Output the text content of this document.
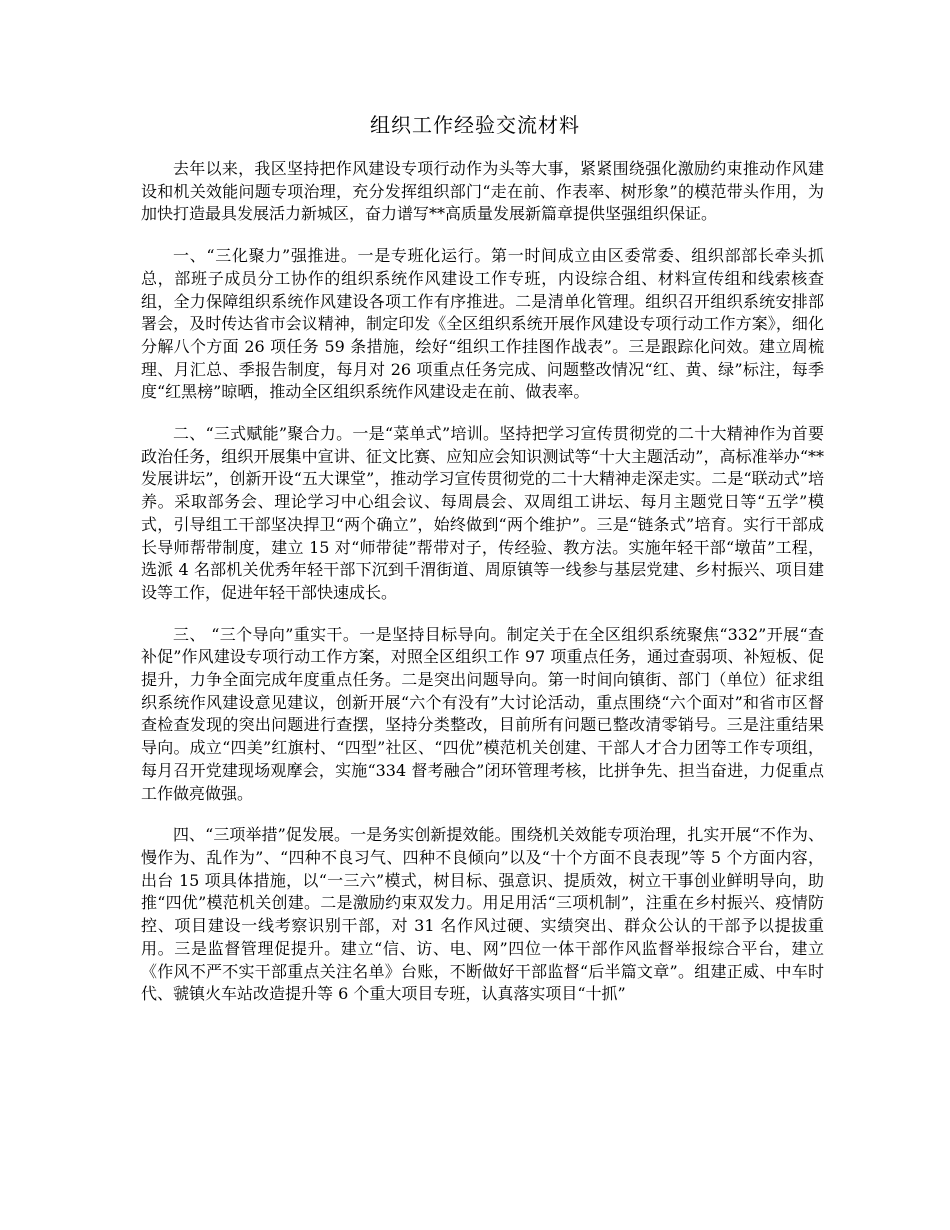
组织工作经验交流材料

去年以来，我区坚持把作风建设专项行动作为头等大事，紧紧围绕强化激励约束推动作风建设和机关效能问题专项治理，充分发挥组织部门“走在前、作表率、树形象”的模范带头作用，为加快打造最具发展活力新城区，奋力谱写**高质量发展新篇章提供坚强组织保证。

一、“三化聚力”强推进。一是专班化运行。第一时间成立由区委常委、组织部部长牵头抓总，部班子成员分工协作的组织系统作风建设工作专班，内设综合组、材料宣传组和线索核查组，全力保障组织系统作风建设各项工作有序推进。二是清单化管理。组织召开组织系统安排部署会，及时传达省市会议精神，制定印发《全区组织系统开展作风建设专项行动工作方案》，细化分解八个方面 26 项任务 59 条措施，绘好“组织工作挂图作战表”。三是跟踪化问效。建立周梳理、月汇总、季报告制度，每月对 26 项重点任务完成、问题整改情况“红、黄、绿”标注，每季度“红黑榜”晾晒，推动全区组织系统作风建设走在前、做表率。

二、“三式赋能”聚合力。一是“菜单式”培训。坚持把学习宣传贯彻党的二十大精神作为首要政治任务，组织开展集中宣讲、征文比赛、应知应会知识测试等“十大主题活动”，高标准举办“**发展讲坛”，创新开设“五大课堂”，推动学习宣传贯彻党的二十大精神走深走实。二是“联动式”培养。采取部务会、理论学习中心组会议、每周晨会、双周组工讲坛、每月主题党日等“五学”模式，引导组工干部坚决捍卫“两个确立”，始终做到“两个维护”。三是“链条式”培育。实行干部成长导师帮带制度，建立 15 对“师带徒”帮带对子，传经验、教方法。实施年轻干部“墩苗”工程，选派 4 名部机关优秀年轻干部下沉到千渭街道、周原镇等一线参与基层党建、乡村振兴、项目建设等工作，促进年轻干部快速成长。

三、 “三个导向”重实干。一是坚持目标导向。制定关于在全区组织系统聚焦“332”开展“查补促”作风建设专项行动工作方案，对照全区组织工作 97 项重点任务，通过查弱项、补短板、促提升，力争全面完成年度重点任务。二是突出问题导向。第一时间向镇街、部门（单位）征求组织系统作风建设意见建议，创新开展“六个有没有”大讨论活动，重点围绕“六个面对”和省市区督查检查发现的突出问题进行查摆，坚持分类整改，目前所有问题已整改清零销号。三是注重结果导向。成立“四美”红旗村、“四型”社区、“四优”模范机关创建、干部人才合力团等工作专项组，每月召开党建现场观摩会，实施“334 督考融合”闭环管理考核，比拼争先、担当奋进，力促重点工作做亮做强。

四、“三项举措”促发展。一是务实创新提效能。围绕机关效能专项治理，扎实开展“不作为、慢作为、乱作为”、“四种不良习气、四种不良倾向”以及“十个方面不良表现”等 5 个方面内容，出台 15 项具体措施，以“一三六”模式，树目标、强意识、提质效，树立干事创业鲜明导向，助推“四优”模范机关创建。二是激励约束双发力。用足用活“三项机制”，注重在乡村振兴、疫情防控、项目建设一线考察识别干部，对 31 名作风过硬、实绩突出、群众公认的干部予以提拔重用。三是监督管理促提升。建立“信、访、电、网”四位一体干部作风监督举报综合平台，建立《作风不严不实干部重点关注名单》台账，不断做好干部监督“后半篇文章”。组建正威、中车时代、虢镇火车站改造提升等 6 个重大项目专班，认真落实项目“十抓”
